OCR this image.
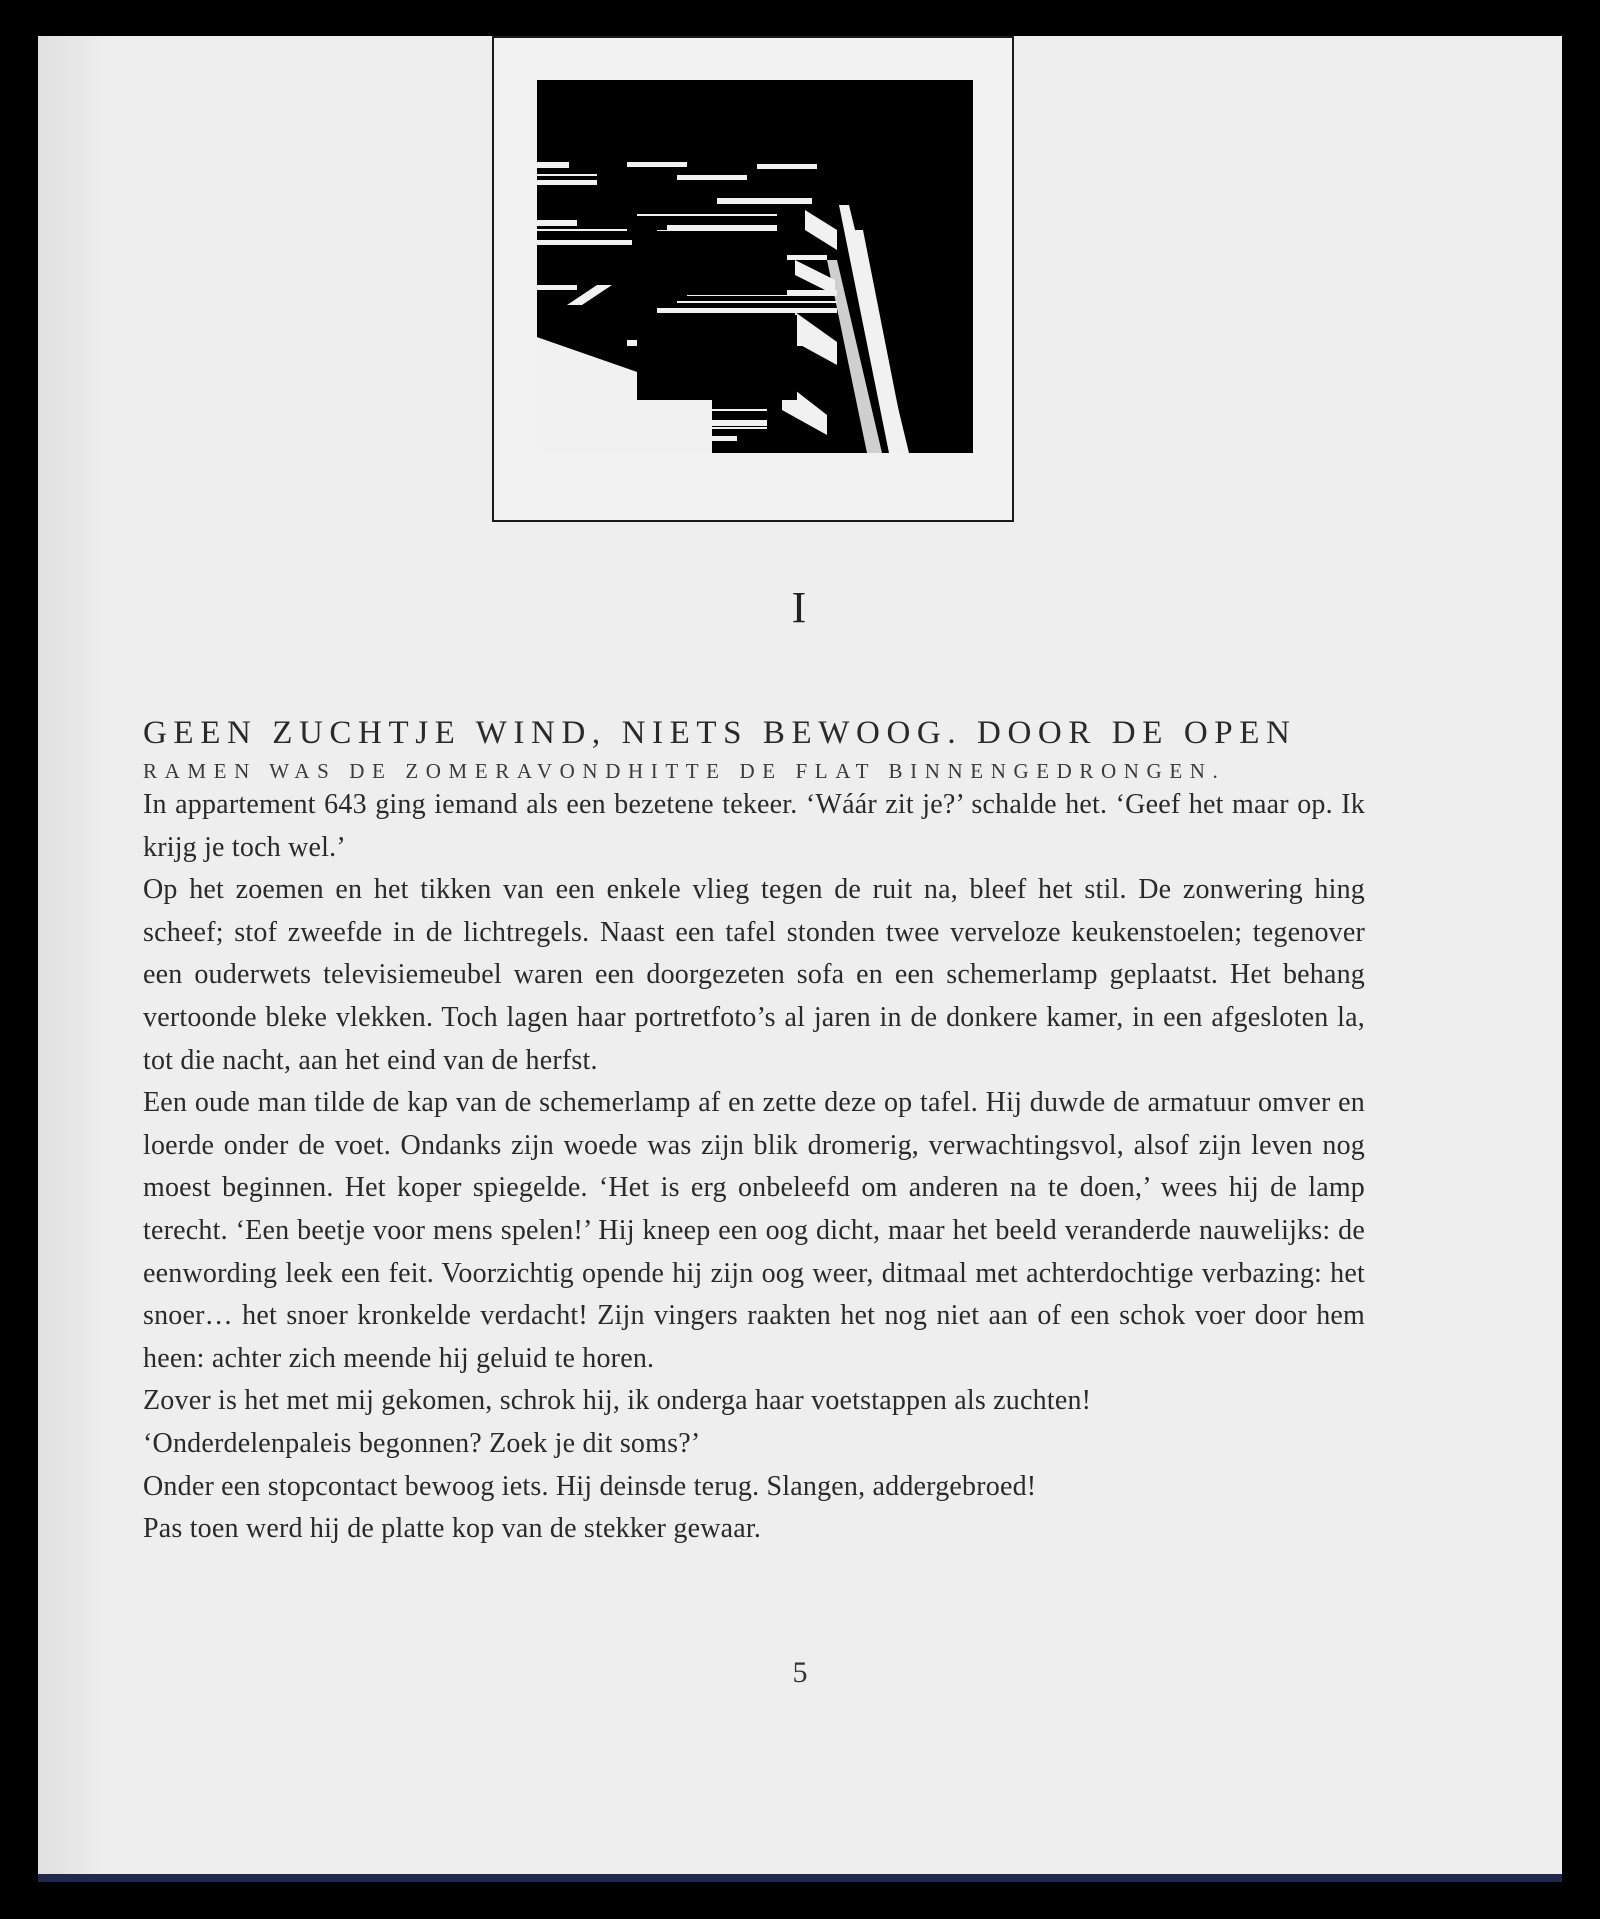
I
GEEN ZUCHTJE WIND, NIETS BEWOOG. DOOR DE OPEN
RAMEN WAS DE ZOMERAVONDHITTE DE FLAT BINNENGEDRONGEN.

In appartement 643 ging iemand als een bezetene tekeer. ‘Wáár zit je?’ schalde het. ‘Geef het maar op. Ik krijg je toch wel.’

Op het zoemen en het tikken van een enkele vlieg tegen de ruit na, bleef het stil. De zonwering hing scheef; stof zweefde in de lichtregels. Naast een tafel stonden twee verveloze keukenstoelen; tegenover een ouderwets televisiemeubel waren een doorgezeten sofa en een schemerlamp geplaatst. Het behang vertoonde bleke vlekken. Toch lagen haar portretfoto’s al jaren in de donkere kamer, in een afgesloten la, tot die nacht, aan het eind van de herfst.

Een oude man tilde de kap van de schemerlamp af en zette deze op tafel. Hij duwde de armatuur omver en loerde onder de voet. Ondanks zijn woede was zijn blik dromerig, verwachtingsvol, alsof zijn leven nog moest beginnen. Het koper spiegelde. ‘Het is erg onbeleefd om anderen na te doen,’ wees hij de lamp terecht. ‘Een beetje voor mens spelen!’ Hij kneep een oog dicht, maar het beeld veranderde nauwelijks: de eenwording leek een feit. Voorzichtig opende hij zijn oog weer, ditmaal met achterdochtige verbazing: het snoer… het snoer kronkelde verdacht! Zijn vingers raakten het nog niet aan of een schok voer door hem heen: achter zich meende hij geluid te horen.

Zover is het met mij gekomen, schrok hij, ik onderga haar voetstappen als zuchten!

‘Onderdelenpaleis begonnen? Zoek je dit soms?’

Onder een stopcontact bewoog iets. Hij deinsde terug. Slangen, addergebroed!

Pas toen werd hij de platte kop van de stekker gewaar.

5
